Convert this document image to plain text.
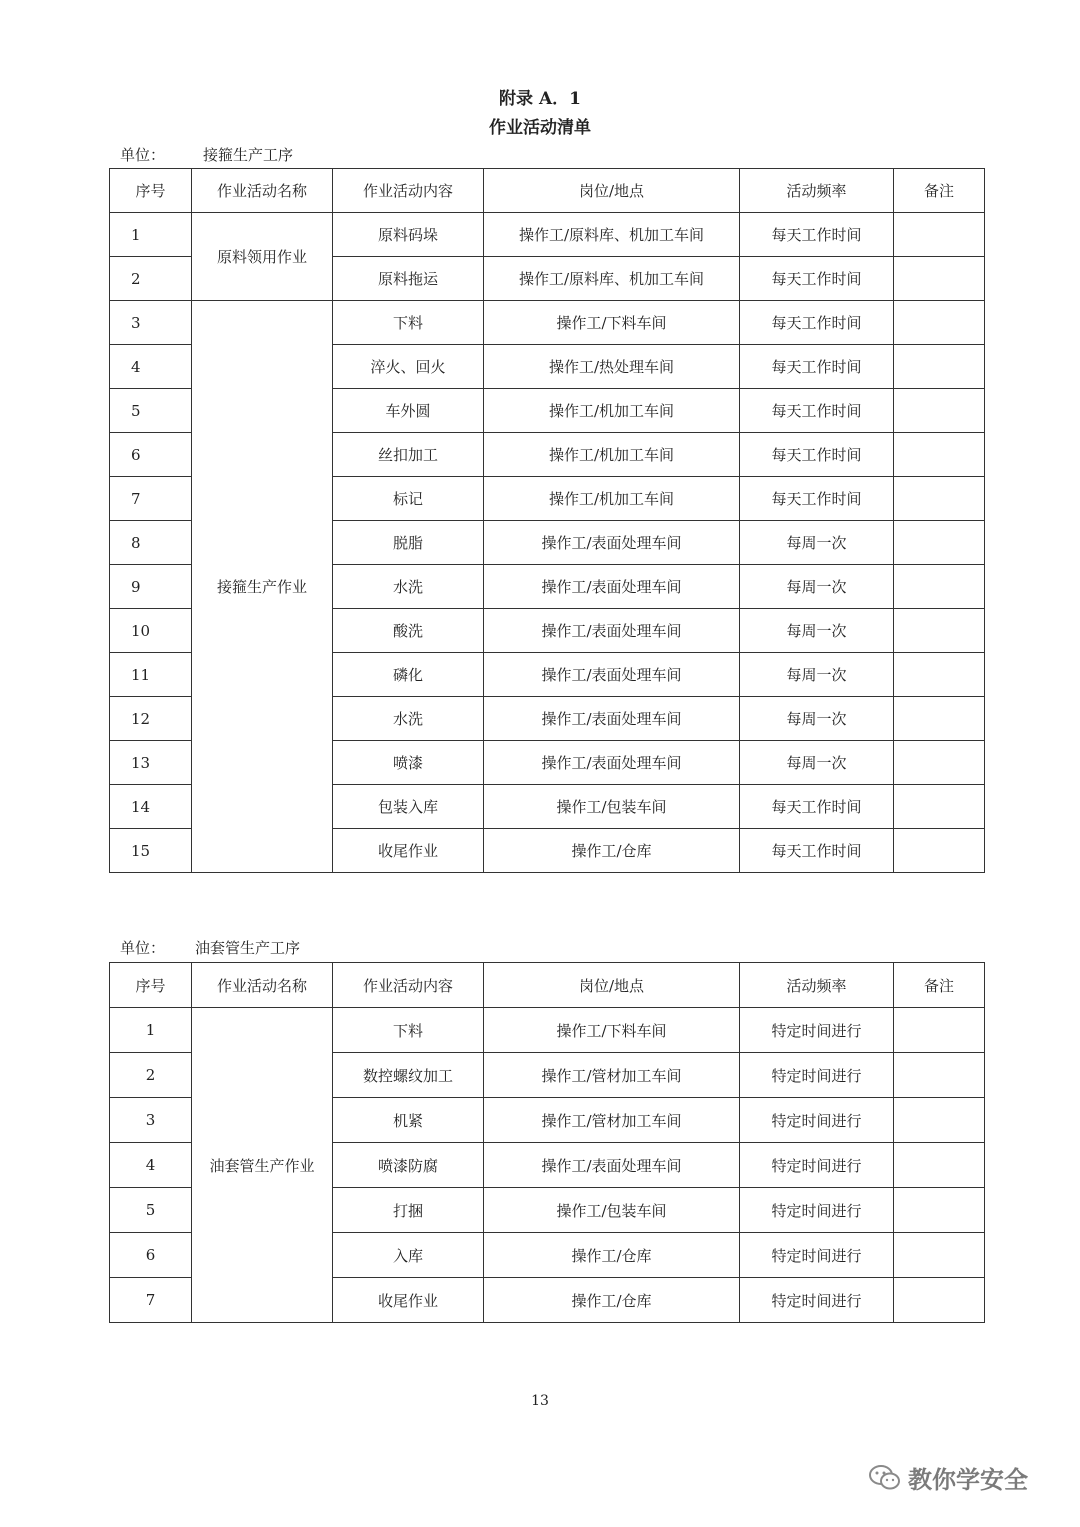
附录 A．1
作业活动清单
单位：	接箍生产工序
序号	作业活动名称	作业活动内容	岗位/地点	活动频率	备注
1	原料领用作业	原料码垛	操作工/原料库、机加工车间	每天工作时间	
2		原料拖运	操作工/原料库、机加工车间	每天工作时间	
3	接箍生产作业	下料	操作工/下料车间	每天工作时间	
4		淬火、回火	操作工/热处理车间	每天工作时间	
5		车外圆	操作工/机加工车间	每天工作时间	
6		丝扣加工	操作工/机加工车间	每天工作时间	
7		标记	操作工/机加工车间	每天工作时间	
8		脱脂	操作工/表面处理车间	每周一次	
9		水洗	操作工/表面处理车间	每周一次	
10		酸洗	操作工/表面处理车间	每周一次	
11		磷化	操作工/表面处理车间	每周一次	
12		水洗	操作工/表面处理车间	每周一次	
13		喷漆	操作工/表面处理车间	每周一次	
14		包装入库	操作工/包装车间	每天工作时间	
15		收尾作业	操作工/仓库	每天工作时间	
单位： 油套管生产工序
序号	作业活动名称	作业活动内容	岗位/地点	活动频率	备注
1	油套管生产作业	下料	操作工/下料车间	特定时间进行	
2		数控螺纹加工	操作工/管材加工车间	特定时间进行	
3		机紧	操作工/管材加工车间	特定时间进行	
4		喷漆防腐	操作工/表面处理车间	特定时间进行	
5		打捆	操作工/包装车间	特定时间进行	
6		入库	操作工/仓库	特定时间进行	
7		收尾作业	操作工/仓库	特定时间进行	
13
教你学安全
